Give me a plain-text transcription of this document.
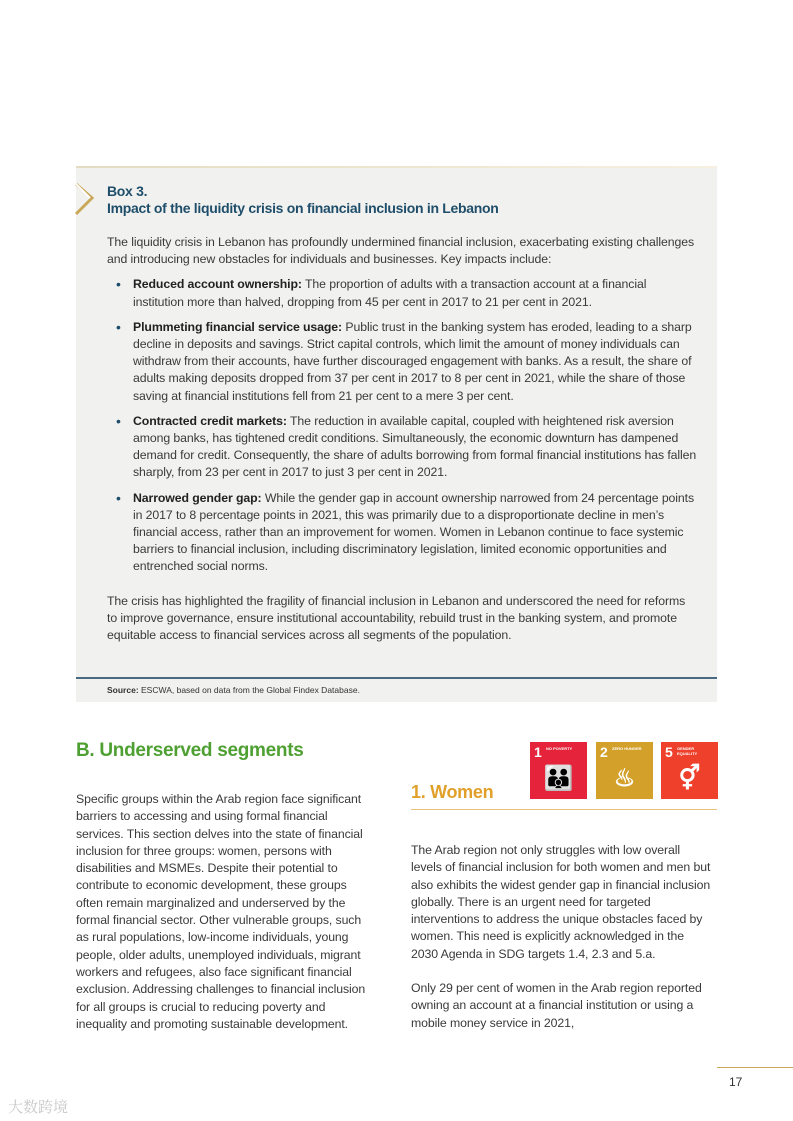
Box 3.
Impact of the liquidity crisis on financial inclusion in Lebanon

The liquidity crisis in Lebanon has profoundly undermined financial inclusion, exacerbating existing challenges and introducing new obstacles for individuals and businesses. Key impacts include:

• Reduced account ownership: The proportion of adults with a transaction account at a financial institution more than halved, dropping from 45 per cent in 2017 to 21 per cent in 2021.
• Plummeting financial service usage: Public trust in the banking system has eroded, leading to a sharp decline in deposits and savings. Strict capital controls, which limit the amount of money individuals can withdraw from their accounts, have further discouraged engagement with banks. As a result, the share of adults making deposits dropped from 37 per cent in 2017 to 8 per cent in 2021, while the share of those saving at financial institutions fell from 21 per cent to a mere 3 per cent.
• Contracted credit markets: The reduction in available capital, coupled with heightened risk aversion among banks, has tightened credit conditions. Simultaneously, the economic downturn has dampened demand for credit. Consequently, the share of adults borrowing from formal financial institutions has fallen sharply, from 23 per cent in 2017 to just 3 per cent in 2021.
• Narrowed gender gap: While the gender gap in account ownership narrowed from 24 percentage points in 2017 to 8 percentage points in 2021, this was primarily due to a disproportionate decline in men’s financial access, rather than an improvement for women. Women in Lebanon continue to face systemic barriers to financial inclusion, including discriminatory legislation, limited economic opportunities and entrenched social norms.

The crisis has highlighted the fragility of financial inclusion in Lebanon and underscored the need for reforms to improve governance, ensure institutional accountability, rebuild trust in the banking system, and promote equitable access to financial services across all segments of the population.

Source: ESCWA, based on data from the Global Findex Database.
B. Underserved segments

Specific groups within the Arab region face significant barriers to accessing and using formal financial services. This section delves into the state of financial inclusion for three groups: women, persons with disabilities and MSMEs. Despite their potential to contribute to economic development, these groups often remain marginalized and underserved by the formal financial sector. Other vulnerable groups, such as rural populations, low-income individuals, young people, older adults, unemployed individuals, migrant workers and refugees, also face significant financial exclusion. Addressing challenges to financial inclusion for all groups is crucial to reducing poverty and inequality and promoting sustainable development.

1 NO POVERTY
👪
2 ZERO HUNGER
♨
5 GENDER EQUALITY
⚥
1. Women

The Arab region not only struggles with low overall levels of financial inclusion for both women and men but also exhibits the widest gender gap in financial inclusion globally. There is an urgent need for targeted interventions to address the unique obstacles faced by women. This need is explicitly acknowledged in the 2030 Agenda in SDG targets 1.4, 2.3 and 5.a.

Only 29 per cent of women in the Arab region reported owning an account at a financial institution or using a mobile money service in 2021,

17
大数跨境
